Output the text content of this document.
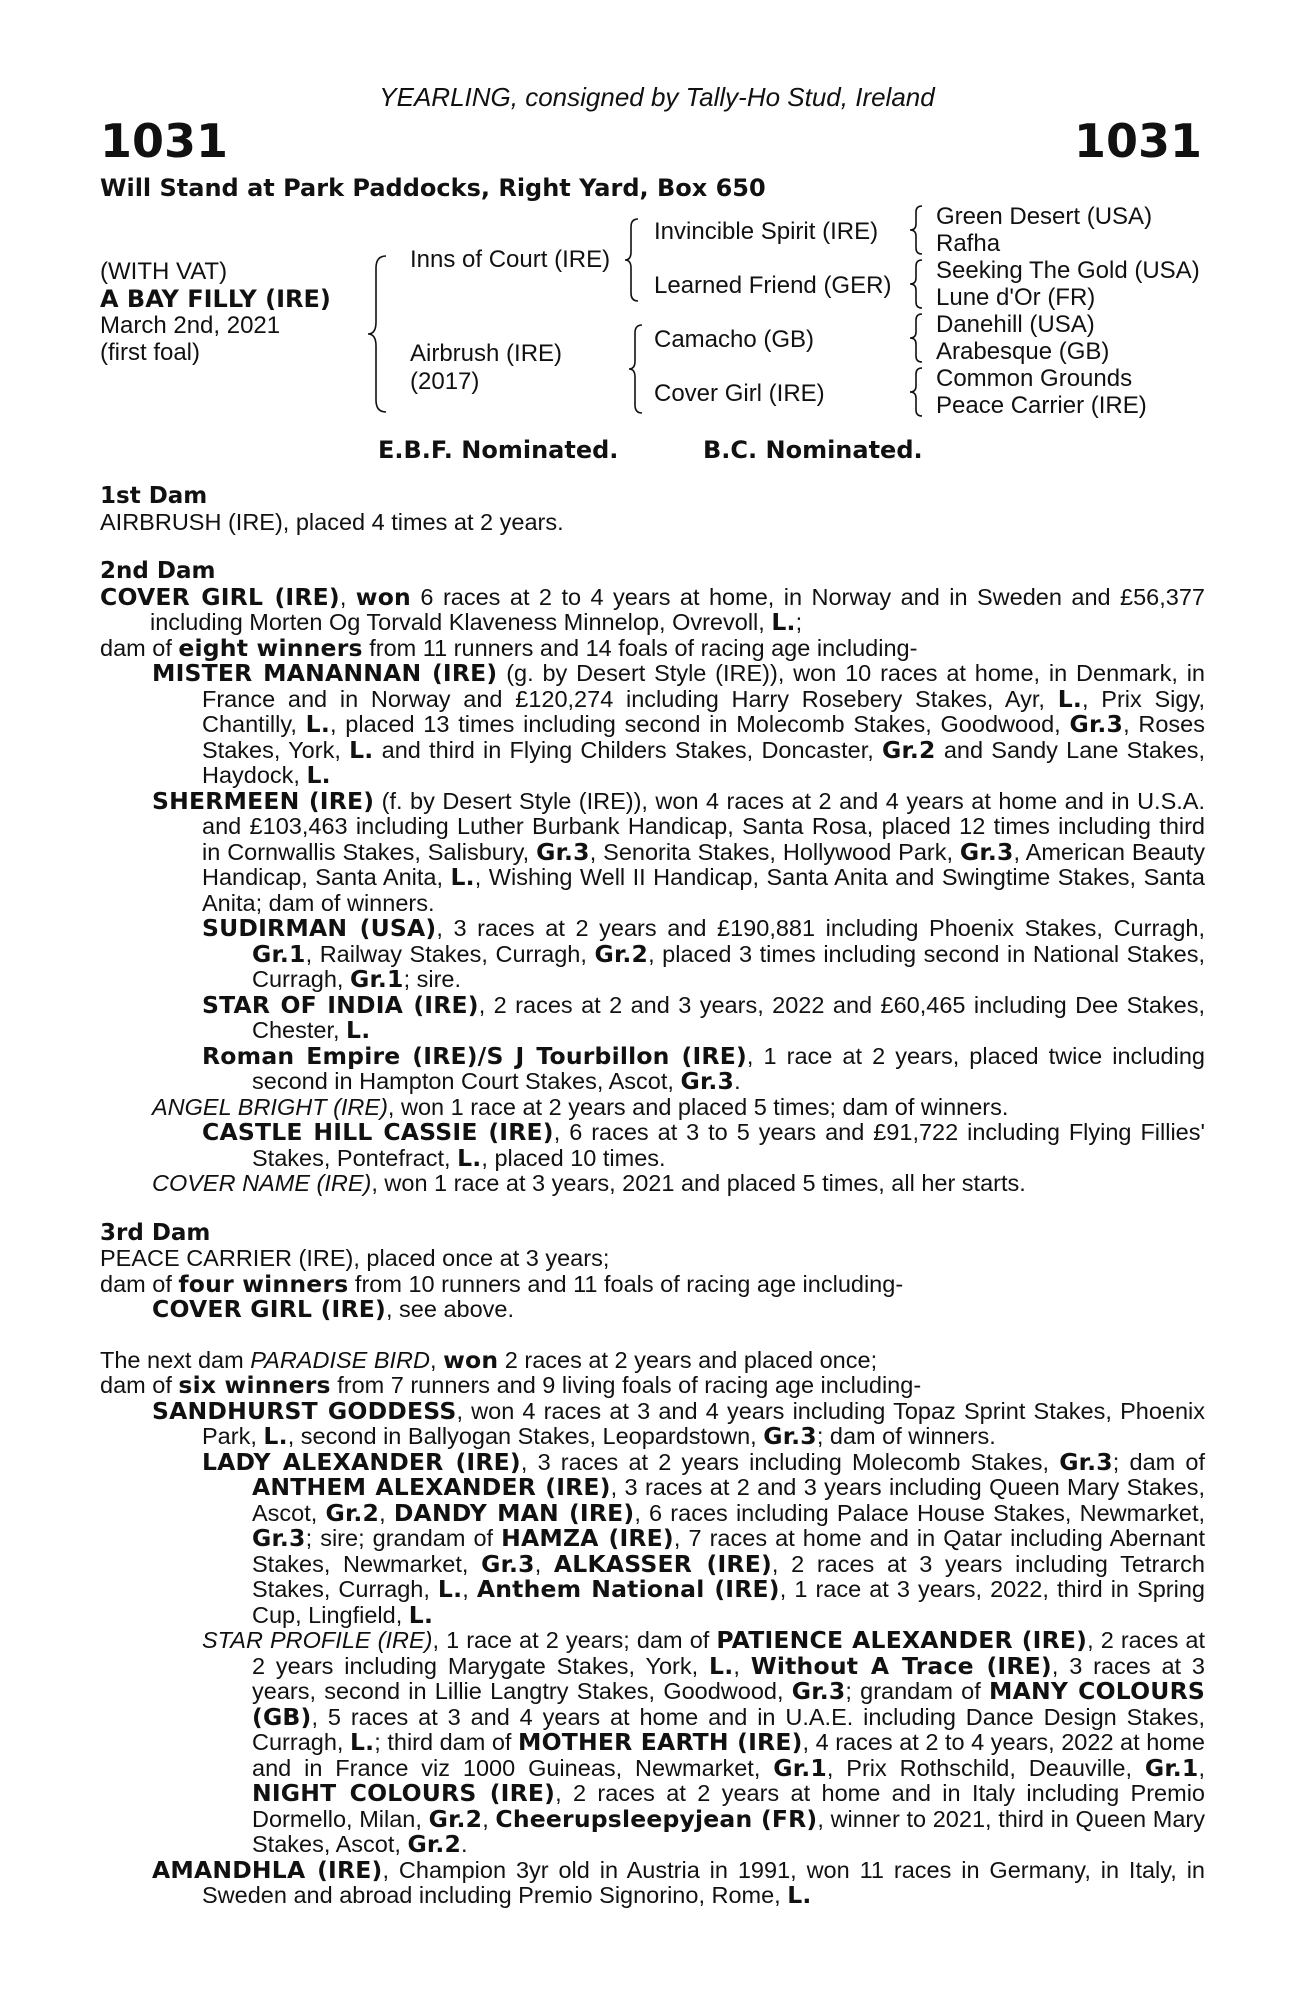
YEARLING, consigned by Tally-Ho Stud, Ireland
1031	1031
Will Stand at Park Paddocks, Right Yard, Box 650
(WITH VAT)
A BAY FILLY (IRE)
March 2nd, 2021
(first foal)
Inns of Court (IRE)
Airbrush (IRE)
(2017)
Invincible Spirit (IRE)
Learned Friend (GER)
Camacho (GB)
Cover Girl (IRE)
Green Desert (USA)
Rafha
Seeking The Gold (USA)
Lune d'Or (FR)
Danehill (USA)
Arabesque (GB)
Common Grounds
Peace Carrier (IRE)
E.B.F. Nominated.	B.C. Nominated.
1st Dam
AIRBRUSH (IRE), placed 4 times at 2 years.
2nd Dam
COVER GIRL (IRE), won 6 races at 2 to 4 years at home, in Norway and in Sweden and £56,377 including Morten Og Torvald Klaveness Minnelop, Ovrevoll, L.;
dam of eight winners from 11 runners and 14 foals of racing age including-
MISTER MANANNAN (IRE) (g. by Desert Style (IRE)), won 10 races at home, in Denmark, in France and in Norway and £120,274 including Harry Rosebery Stakes, Ayr, L., Prix Sigy, Chantilly, L., placed 13 times including second in Molecomb Stakes, Goodwood, Gr.3, Roses Stakes, York, L. and third in Flying Childers Stakes, Doncaster, Gr.2 and Sandy Lane Stakes, Haydock, L.
SHERMEEN (IRE) (f. by Desert Style (IRE)), won 4 races at 2 and 4 years at home and in U.S.A. and £103,463 including Luther Burbank Handicap, Santa Rosa, placed 12 times including third in Cornwallis Stakes, Salisbury, Gr.3, Senorita Stakes, Hollywood Park, Gr.3, American Beauty Handicap, Santa Anita, L., Wishing Well II Handicap, Santa Anita and Swingtime Stakes, Santa Anita; dam of winners.
SUDIRMAN (USA), 3 races at 2 years and £190,881 including Phoenix Stakes, Curragh, Gr.1, Railway Stakes, Curragh, Gr.2, placed 3 times including second in National Stakes, Curragh, Gr.1; sire.
STAR OF INDIA (IRE), 2 races at 2 and 3 years, 2022 and £60,465 including Dee Stakes, Chester, L.
Roman Empire (IRE)/S J Tourbillon (IRE), 1 race at 2 years, placed twice including second in Hampton Court Stakes, Ascot, Gr.3.
ANGEL BRIGHT (IRE), won 1 race at 2 years and placed 5 times; dam of winners.
CASTLE HILL CASSIE (IRE), 6 races at 3 to 5 years and £91,722 including Flying Fillies' Stakes, Pontefract, L., placed 10 times.
COVER NAME (IRE), won 1 race at 3 years, 2021 and placed 5 times, all her starts.
3rd Dam
PEACE CARRIER (IRE), placed once at 3 years;
dam of four winners from 10 runners and 11 foals of racing age including-
COVER GIRL (IRE), see above.
The next dam PARADISE BIRD, won 2 races at 2 years and placed once;
dam of six winners from 7 runners and 9 living foals of racing age including-
SANDHURST GODDESS, won 4 races at 3 and 4 years including Topaz Sprint Stakes, Phoenix Park, L., second in Ballyogan Stakes, Leopardstown, Gr.3; dam of winners.
LADY ALEXANDER (IRE), 3 races at 2 years including Molecomb Stakes, Gr.3; dam of ANTHEM ALEXANDER (IRE), 3 races at 2 and 3 years including Queen Mary Stakes, Ascot, Gr.2, DANDY MAN (IRE), 6 races including Palace House Stakes, Newmarket, Gr.3; sire; grandam of HAMZA (IRE), 7 races at home and in Qatar including Abernant Stakes, Newmarket, Gr.3, ALKASSER (IRE), 2 races at 3 years including Tetrarch Stakes, Curragh, L., Anthem National (IRE), 1 race at 3 years, 2022, third in Spring Cup, Lingfield, L.
STAR PROFILE (IRE), 1 race at 2 years; dam of PATIENCE ALEXANDER (IRE), 2 races at 2 years including Marygate Stakes, York, L., Without A Trace (IRE), 3 races at 3 years, second in Lillie Langtry Stakes, Goodwood, Gr.3; grandam of MANY COLOURS (GB), 5 races at 3 and 4 years at home and in U.A.E. including Dance Design Stakes, Curragh, L.; third dam of MOTHER EARTH (IRE), 4 races at 2 to 4 years, 2022 at home and in France viz 1000 Guineas, Newmarket, Gr.1, Prix Rothschild, Deauville, Gr.1, NIGHT COLOURS (IRE), 2 races at 2 years at home and in Italy including Premio Dormello, Milan, Gr.2, Cheerupsleepyjean (FR), winner to 2021, third in Queen Mary Stakes, Ascot, Gr.2.
AMANDHLA (IRE), Champion 3yr old in Austria in 1991, won 11 races in Germany, in Italy, in Sweden and abroad including Premio Signorino, Rome, L.
